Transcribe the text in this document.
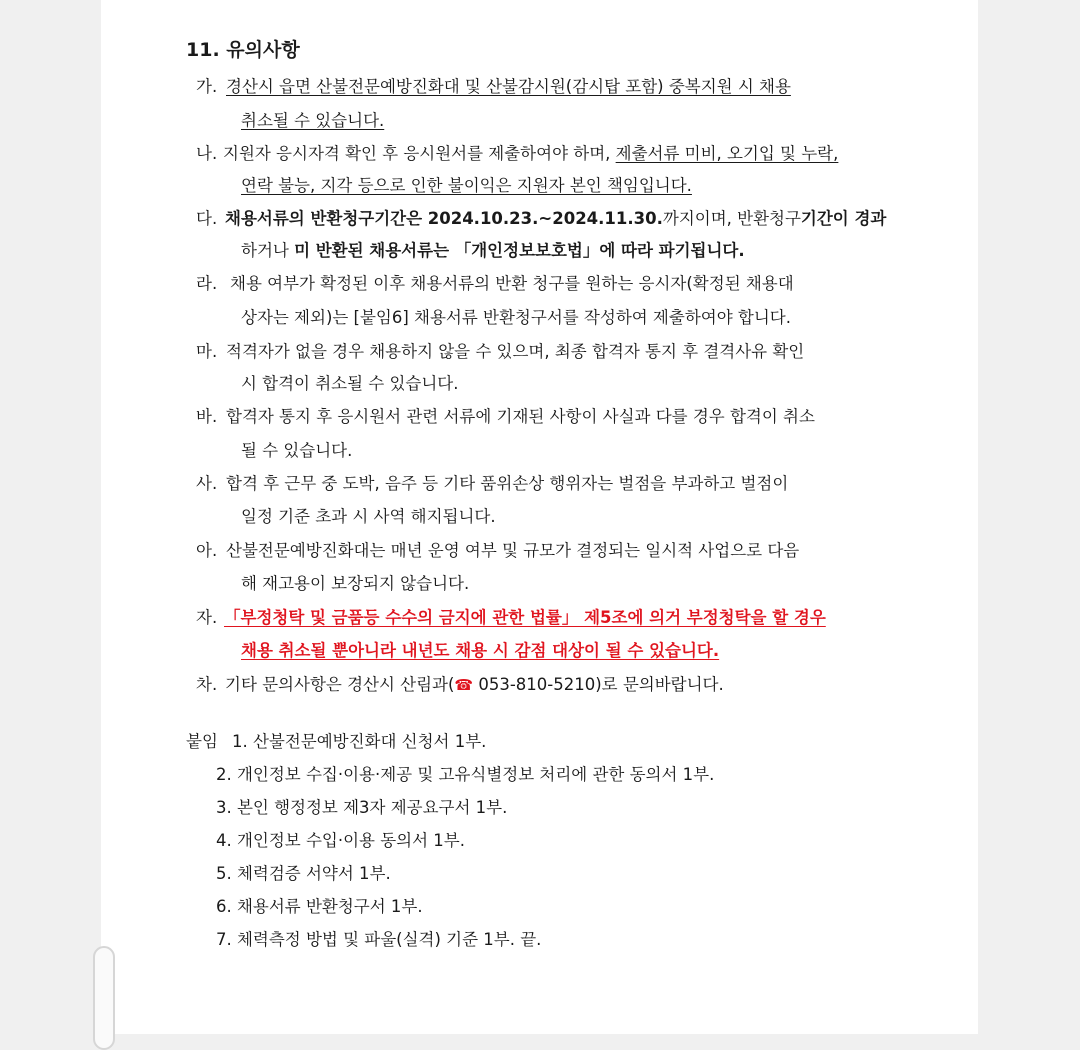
11. 유의사항
가. 경산시 읍면 산불전문예방진화대 및 산불감시원(감시탑 포함) 중복지원 시 채용
취소될 수 있습니다.
나. 지원자 응시자격 확인 후 응시원서를 제출하여야 하며, 제출서류 미비, 오기입 및 누락,
연락 불능, 지각 등으로 인한 불이익은 지원자 본인 책임입니다.
다. 채용서류의 반환청구기간은 2024.10.23.~2024.11.30.까지이며, 반환청구기간이 경과
하거나 미 반환된 채용서류는 「개인정보보호법」에 따라 파기됩니다.
라. 채용 여부가 확정된 이후 채용서류의 반환 청구를 원하는 응시자(확정된 채용대
상자는 제외)는 [붙임6] 채용서류 반환청구서를 작성하여 제출하여야 합니다.
마. 적격자가 없을 경우 채용하지 않을 수 있으며, 최종 합격자 통지 후 결격사유 확인
시 합격이 취소될 수 있습니다.
바. 합격자 통지 후 응시원서 관련 서류에 기재된 사항이 사실과 다를 경우 합격이 취소
될 수 있습니다.
사. 합격 후 근무 중 도박, 음주 등 기타 품위손상 행위자는 벌점을 부과하고 벌점이
일정 기준 초과 시 사역 해지됩니다.
아. 산불전문예방진화대는 매년 운영 여부 및 규모가 결정되는 일시적 사업으로 다음
해 재고용이 보장되지 않습니다.
자. 「부정청탁 및 금품등 수수의 금지에 관한 법률」 제5조에 의거 부정청탁을 할 경우
채용 취소될 뿐아니라 내년도 채용 시 감점 대상이 될 수 있습니다.
차. 기타 문의사항은 경산시 산림과(☎ 053-810-5210)로 문의바랍니다.
붙임 1. 산불전문예방진화대 신청서 1부.
2. 개인정보 수집·이용·제공 및 고유식별정보 처리에 관한 동의서 1부.
3. 본인 행정정보 제3자 제공요구서 1부.
4. 개인정보 수입·이용 동의서 1부.
5. 체력검증 서약서 1부.
6. 채용서류 반환청구서 1부.
7. 체력측정 방법 및 파울(실격) 기준 1부. 끝.
